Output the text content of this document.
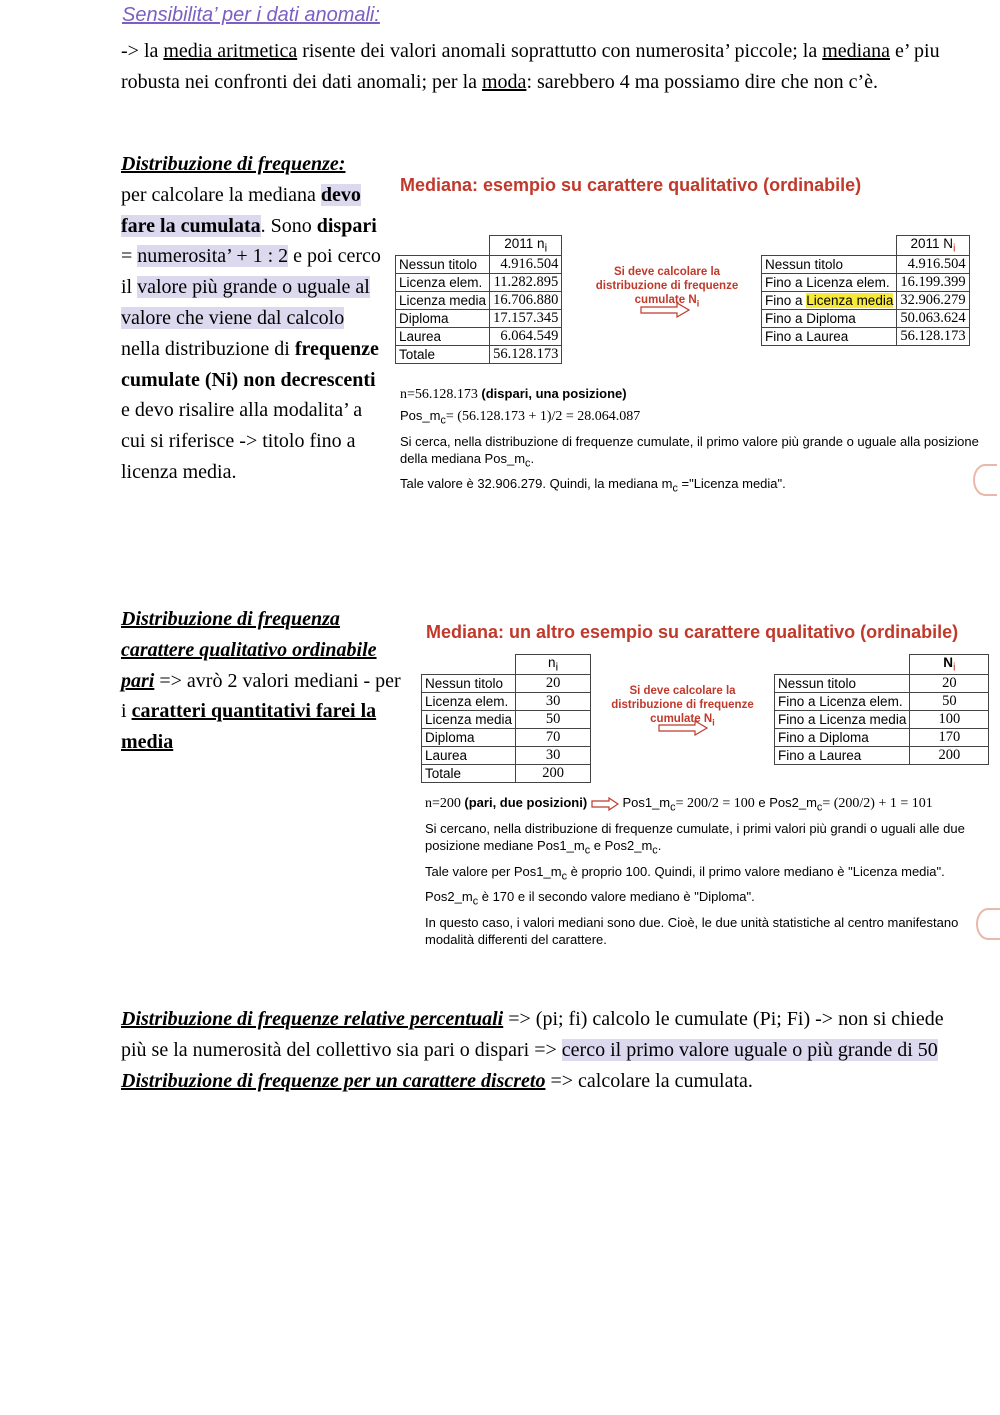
Sensibilita’ per i dati anomali:
-> la media aritmetica risente dei valori anomali soprattutto con numerosita’ piccole; la mediana e’ piu robusta nei confronti dei dati anomali; per la moda: sarebbero 4 ma possiamo dire che non c’è.
Distribuzione di frequenze:
per calcolare la mediana devo fare la cumulata. Sono dispari = numerosita’ + 1 : 2 e poi cerco il valore più grande o uguale al valore che viene dal calcolo nella distribuzione di frequenze cumulate (Ni) non decrescenti e devo risalire alla modalita’ a cui si riferisce -> titolo fino a licenza media.
Mediana: esempio su carattere qualitativo (ordinabile)
	2011 $n_i$
Nessun titolo	4.916.504
Licenza elem.	11.282.895
Licenza media	16.706.880
Diploma	17.157.345
Laurea	6.064.549
Totale	56.128.173
Si deve calcolare la distribuzione di frequenze cumulate $N_i$
	2011 $N_i$
Nessun titolo	4.916.504
Fino a Licenza elem.	16.199.399
Fino a Licenza media	32.906.279
Fino a Diploma	50.063.624
Fino a Laurea	56.128.173
n=56.128.173 (dispari, una posizione)
$Pos\_m_c= (56.128.173 + 1)/2 = 28.064.087$
Si cerca, nella distribuzione di frequenze cumulate, il primo valore più grande o uguale alla posizione della mediana $Pos\_m_c$.
Tale valore è 32.906.279. Quindi, la mediana $m_c$ ="Licenza media".
Distribuzione di frequenza carattere qualitativo ordinabile pari => avrò 2 valori mediani - per i caratteri quantitativi farei la media
Mediana: un altro esempio su carattere qualitativo (ordinabile)
	$n_i$
Nessun titolo	20
Licenza elem.	30
Licenza media	50
Diploma	70
Laurea	30
Totale	200
Si deve calcolare la distribuzione di frequenze cumulate $N_i$
	$N_i$
Nessun titolo	20
Fino a Licenza elem.	50
Fino a Licenza media	100
Fino a Diploma	170
Fino a Laurea	200
n=200 (pari, due posizioni)	$Pos1\_m_c= 200/2 = 100$ e $Pos2\_m_c= (200/2) + 1 = 101$
Si cercano, nella distribuzione di frequenze cumulate, i primi valori più grandi o uguali alle due posizione mediane $Pos1\_m_c$ e $Pos2\_m_c$.
Tale valore per $Pos1\_m_c$ è proprio 100. Quindi, il primo valore mediano è "Licenza media".
$Pos2\_m_c$ è 170 e il secondo valore mediano è "Diploma".
In questo caso, i valori mediani sono due. Cioè, le due unità statistiche al centro manifestano modalità differenti del carattere.
Distribuzione di frequenze relative percentuali => (pi; fi) calcolo le cumulate (Pi; Fi) -> non si chiede più se la numerosità del collettivo sia pari o dispari => cerco il primo valore uguale o più grande di 50
Distribuzione di frequenze per un carattere discreto => calcolare la cumulata.
